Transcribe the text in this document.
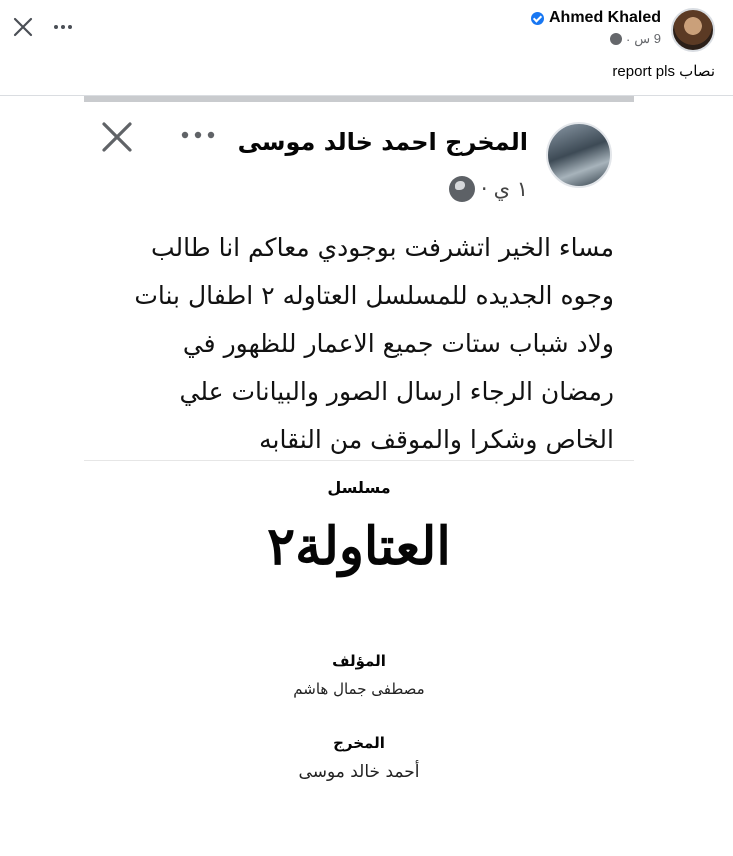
Ahmed Khaled
9 س
·
نصاب report pls
المخرج احمد خالد موسى
١ ي
·
مساء الخير اتشرفت بوجودي معاكم انا طالب
وجوه الجديده للمسلسل العتاوله ٢ اطفال بنات
ولاد شباب ستات جميع الاعمار للظهور في
رمضان الرجاء ارسال الصور والبيانات علي
الخاص وشكرا والموقف من النقابه
مسلسل
العتاولة٢
المؤلف
مصطفى جمال هاشم
المخرج
أحمد خالد موسى
